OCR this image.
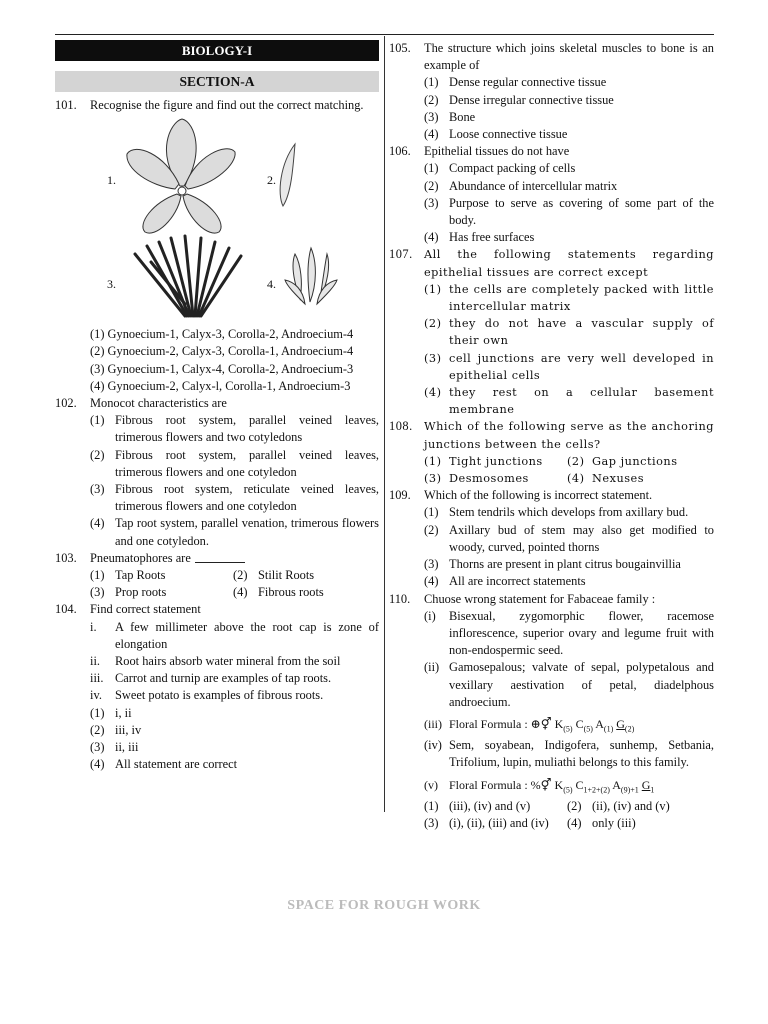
BIOLOGY-I
SECTION-A
101.	Recognise the figure and find out the correct matching.
1.	2.
3.	4.
(1) Gynoecium-1, Calyx-3, Corolla-2, Androecium-4
(2) Gynoecium-2, Calyx-3, Corolla-1, Androecium-4
(3) Gynoecium-1, Calyx-4, Corolla-2, Androecium-3
(4) Gynoecium-2, Calyx-l, Corolla-1, Androecium-3
102.	Monocot characteristics are
(1) Fibrous root system, parallel veined leaves, trimerous flowers and two cotyledons
(2) Fibrous root system, parallel veined leaves, trimerous flowers and one cotyledon
(3) Fibrous root system, reticulate veined leaves, trimerous flowers and one cotyledon
(4) Tap root system, parallel venation, trimerous flowers and one cotyledon.
103.	Pneumatophores are
(1) Tap Roots	(2) Stilit Roots
(3) Prop roots	(4) Fibrous roots
104.	Find correct statement
i.	A few millimeter above the root cap is zone of elongation
ii.	Root hairs absorb water mineral from the soil
iii. Carrot and turnip are examples of tap roots.
iv.	Sweet potato is examples of fibrous roots.
(1) i, ii
(2) iii, iv
(3) ii, iii
(4) All statement are correct
105.	The structure which joins skeletal muscles to bone is an example of
(1) Dense regular connective tissue
(2) Dense irregular connective tissue
(3) Bone
(4) Loose connective tissue
106.	Epithelial tissues do not have
(1) Compact packing of cells
(2) Abundance of intercellular matrix
(3) Purpose to serve as covering of some part of the body.
(4) Has free surfaces
107.	All the following statements regarding epithelial tissues are correct except
(1) the cells are completely packed with little intercellular matrix
(2) they do not have a vascular supply of their own
(3) cell junctions are very well developed in epithelial cells
(4) they rest on a cellular basement membrane
108.	Which of the following serve as the anchoring junctions between the cells?
(1) Tight junctions (2) Gap junctions
(3) Desmosomes	(4) Nexuses
109.	Which of the following is incorrect statement.
(1) Stem tendrils which develops from axillary bud.
(2) Axillary bud of stem may also get modified to woody, curved, pointed thorns
(3) Thorns are present in plant citrus bougainvillia
(4) All are incorrect statements
110.	Chuose wrong statement for Fabaceae family :
(i)	Bisexual, zygomorphic flower, racemose inflorescence, superior ovary and legume fruit with non-endospermic seed.
(ii) Gamosepalous; valvate of sepal, polypetalous and vexillary aestivation of petal, diadelphous androecium.
(iii) Floral Formula : ⊕⚥ $K_{(5)}$ $C_{(5)}$ $A_{(1)}$ $G_{(2)}$
(iv) Sem, soyabean, Indigofera, sunhemp, Setbania, Trifolium, lupin, muliathi belongs to this family.
(v) Floral Formula : %⚥ $K_{(5)}$ $C_{1+2+(2)}$ $A_{(9)+1}$ $G_1$
(1) (iii), (iv) and (v)	(2) (ii), (iv) and (v)
(3) (i), (ii), (iii) and (iv) (4) only (iii)
SPACE FOR ROUGH WORK
